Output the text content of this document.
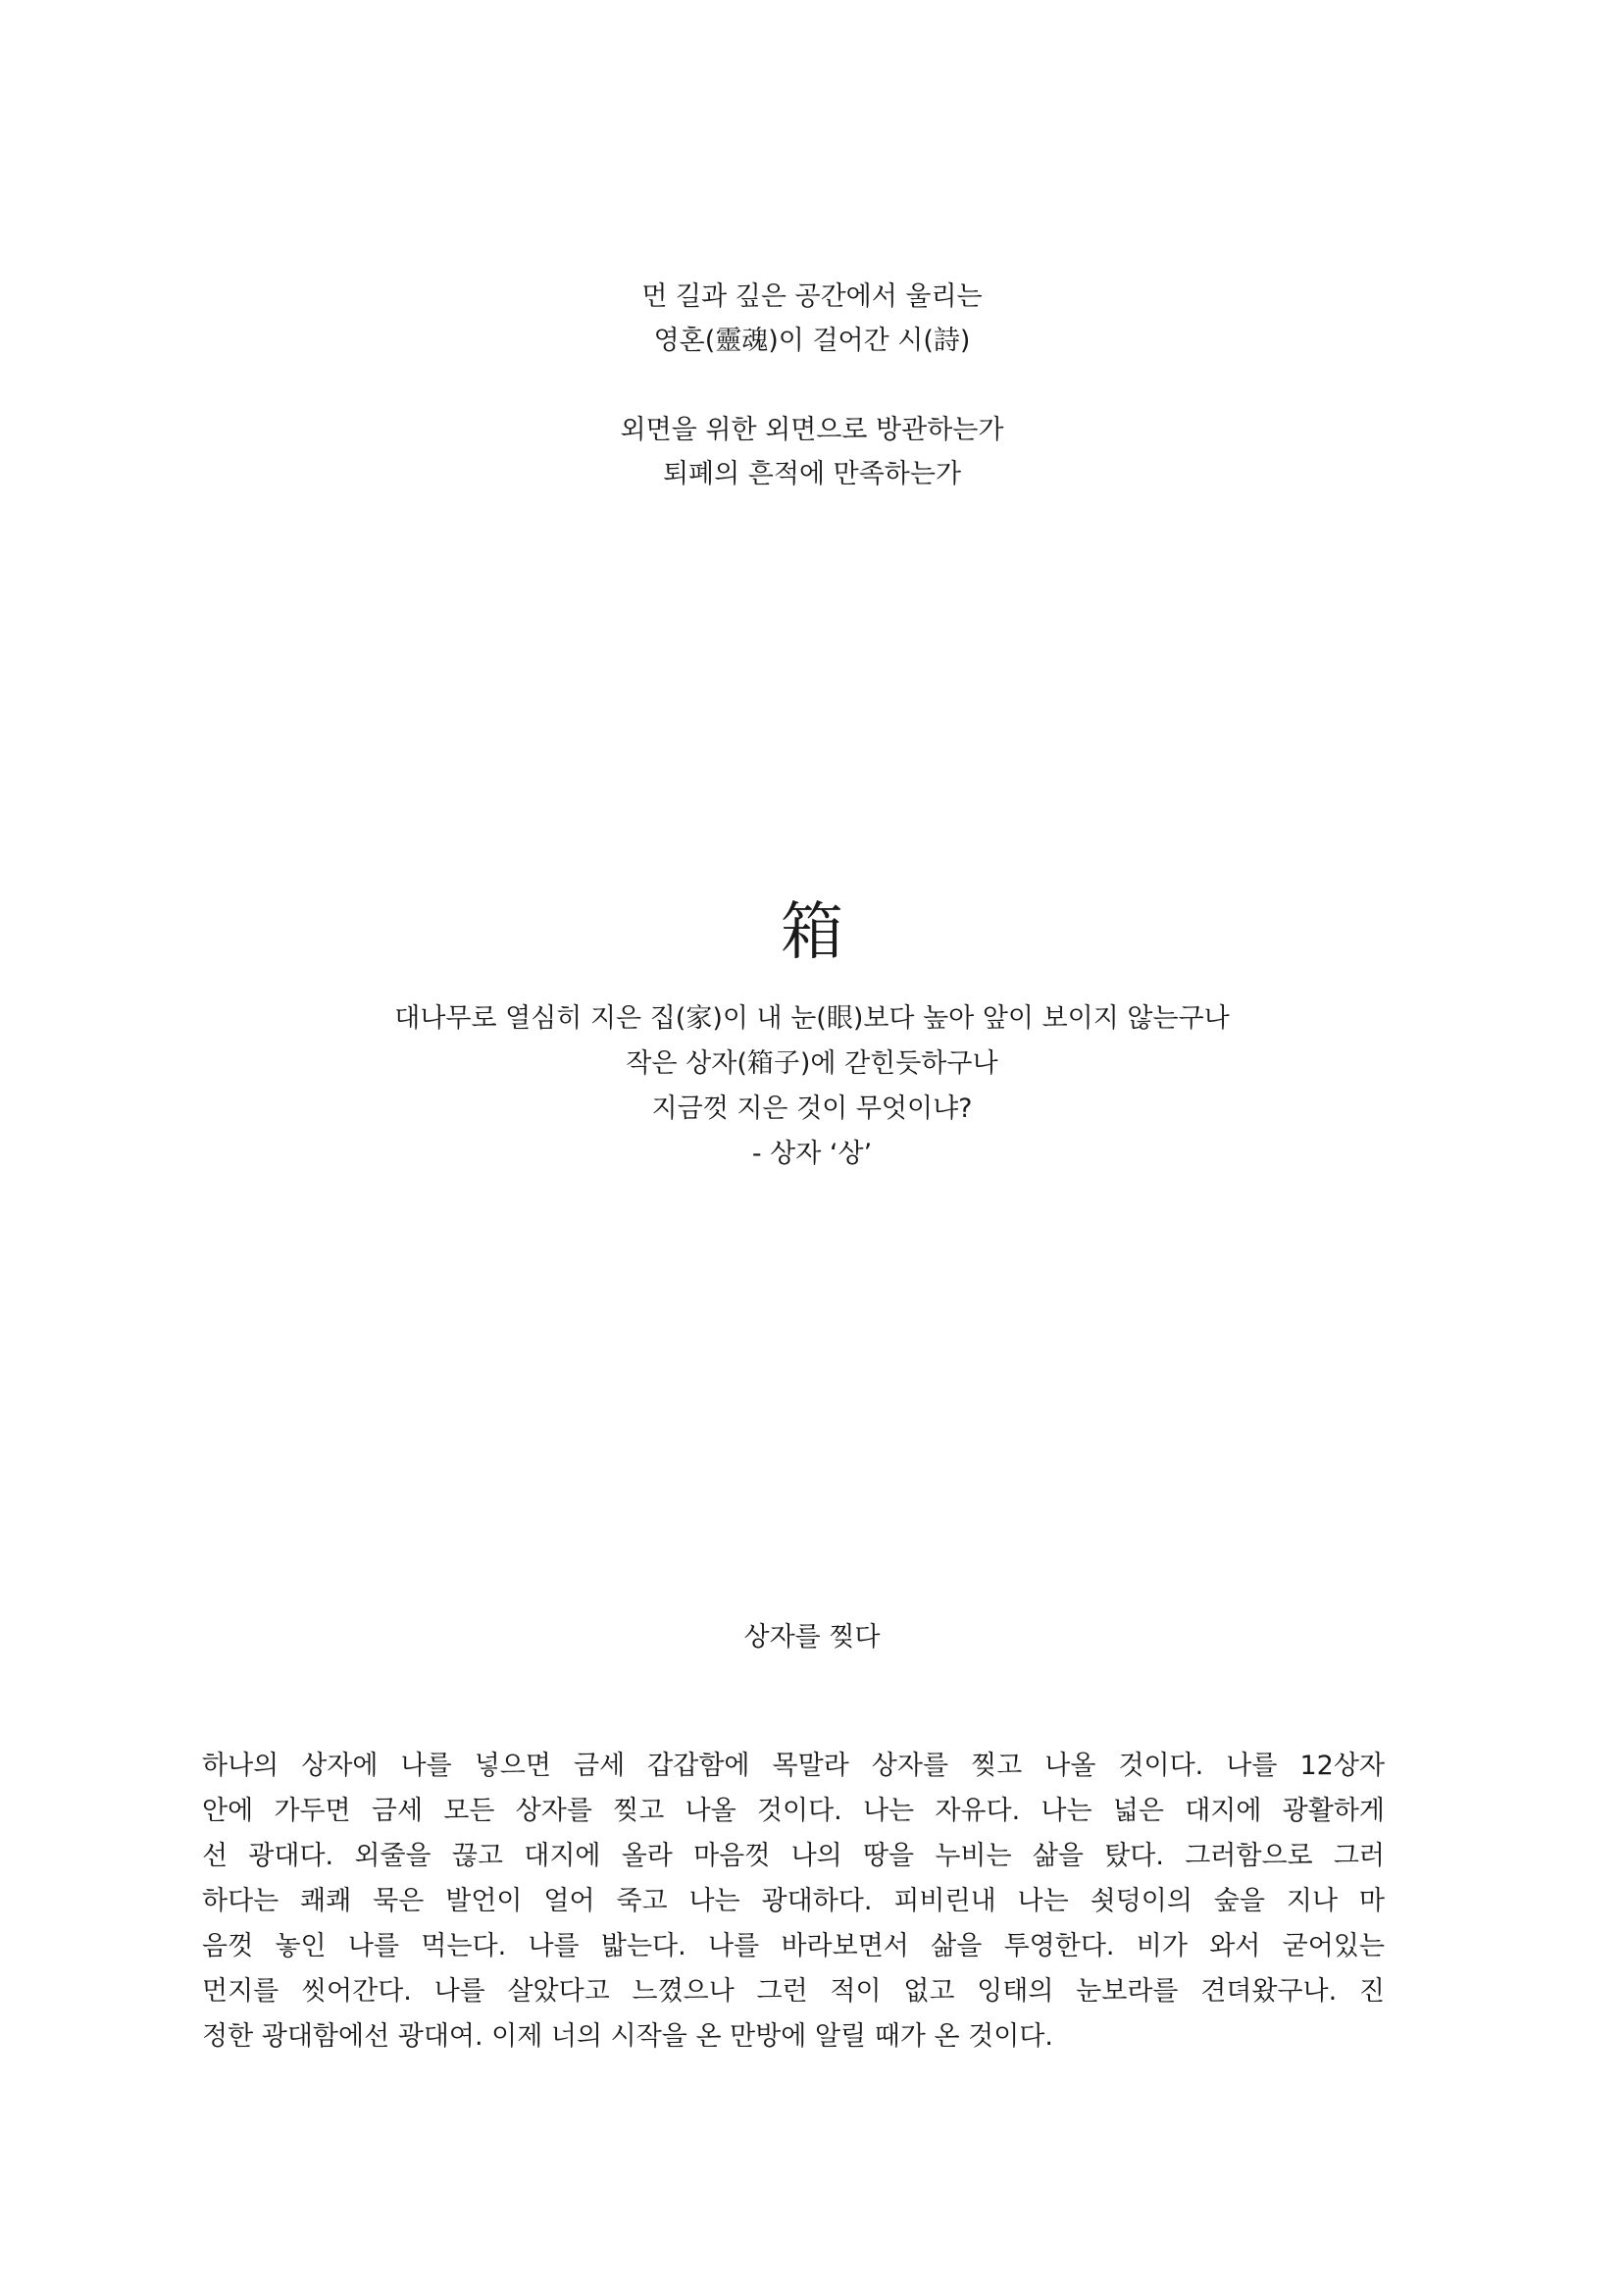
먼 길과 깊은 공간에서 울리는
영혼(靈魂)이 걸어간 시(詩)
외면을 위한 외면으로 방관하는가
퇴폐의 흔적에 만족하는가
箱
대나무로 열심히 지은 집(家)이 내 눈(眼)보다 높아 앞이 보이지 않는구나
작은 상자(箱子)에 갇힌듯하구나
지금껏 지은 것이 무엇이냐?
- 상자 ‘상’
상자를 찢다
하나의 상자에 나를 넣으면 금세 갑갑함에 목말라 상자를 찢고 나올 것이다. 나를 12상자
안에 가두면 금세 모든 상자를 찢고 나올 것이다. 나는 자유다. 나는 넓은 대지에 광활하게
선 광대다. 외줄을 끊고 대지에 올라 마음껏 나의 땅을 누비는 삶을 탔다. 그러함으로 그러
하다는 쾌쾌 묵은 발언이 얼어 죽고 나는 광대하다. 피비린내 나는 쇳덩이의 숲을 지나 마
음껏 놓인 나를 먹는다. 나를 밟는다. 나를 바라보면서 삶을 투영한다. 비가 와서 굳어있는
먼지를 씻어간다. 나를 살았다고 느꼈으나 그런 적이 없고 잉태의 눈보라를 견뎌왔구나. 진
정한 광대함에선 광대여. 이제 너의 시작을 온 만방에 알릴 때가 온 것이다.
